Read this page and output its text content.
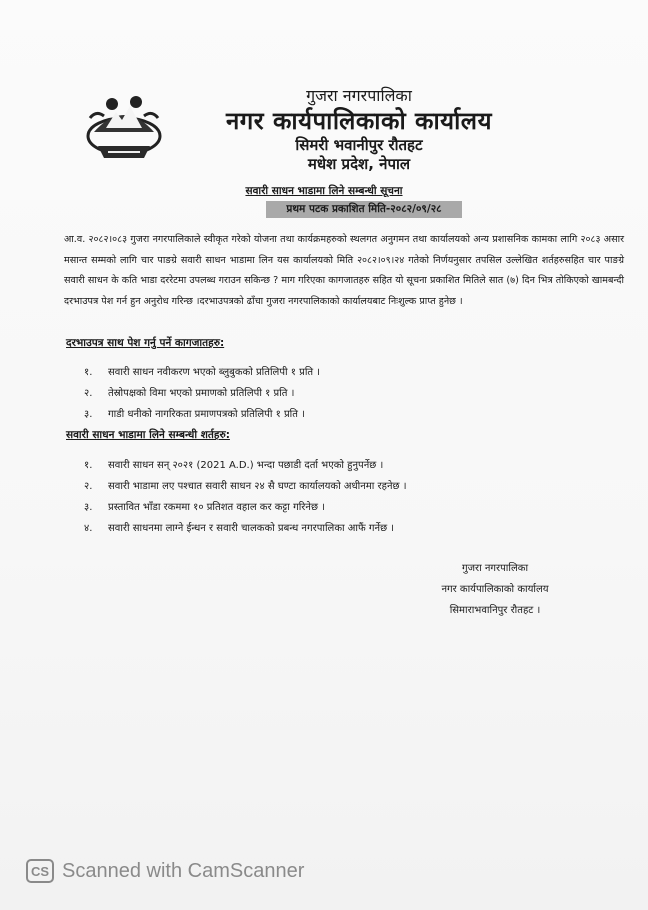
गुजरा नगरपालिका
नगर कार्यपालिकाको कार्यालय
सिमरी भवानीपुर रौतहट
मधेश प्रदेश, नेपाल
सवारी साधन भाडामा लिने सम्बन्धी सूचना
प्रथम पटक प्रकाशित मिति-२०८२/०९/२८
आ.व. २०८२।०८३ गुजरा नगरपालिकाले स्वीकृत गरेको योजना तथा कार्यक्रमहरुको स्थलगत अनुगमन तथा कार्यालयको अन्य प्रशासनिक कामका लागि २०८३ असार मसान्त सम्मको लागि चार पाङग्रे सवारी साधन भाडामा लिन यस कार्यालयको मिति २०८२।०९।२४ गतेको निर्णयनुसार तपसिल उल्लेखित शर्तहरुसहित चार पाङग्रे सवारी साधन के कति भाडा दररेटमा उपलब्ध गराउन सकिन्छ ? माग गरिएका कागजातहरु सहित यो सूचना प्रकाशित मितिले सात (७) दिन भित्र तोकिएको खामबन्दी दरभाउपत्र पेश गर्न हुन अनुरोध गरिन्छ ।दरभाउपत्रको ढाँचा गुजरा नगरपालिकाको कार्यालयबाट निःशुल्क प्राप्त हुनेछ ।
दरभाउपत्र साथ पेश गर्नु पर्ने कागजातहरु:
१.	सवारी साधन नवीकरण भएको ब्लुबुकको प्रतिलिपी १ प्रति ।
२.	तेस्रोपक्षको विमा भएको प्रमाणको प्रतिलिपी १ प्रति ।
३.	गाडी धनीको नागरिकता प्रमाणपत्रको प्रतिलिपी १ प्रति ।
सवारी साधन भाडामा लिने सम्बन्धी शर्तहरु:
१.	सवारी साधन सन् २०२१ (2021 A.D.) भन्दा पछाडी दर्ता भएको हुनुपर्नेछ ।
२.	सवारी भाडामा लए पश्चात सवारी साधन २४ सै घण्टा कार्यालयको अधीनमा रहनेछ ।
३.	प्रस्तावित भाँडा रकममा १० प्रतिशत वहाल कर कट्टा गरिनेछ ।
४.	सवारी साधनमा लाग्ने ईन्धन र सवारी चालकको प्रबन्ध नगरपालिका आफैं गर्नेछ ।
गुजरा नगरपालिका
नगर कार्यपालिकाको कार्यालय
सिमाराभवानिपुर रौतहट ।
CS Scanned with CamScanner
